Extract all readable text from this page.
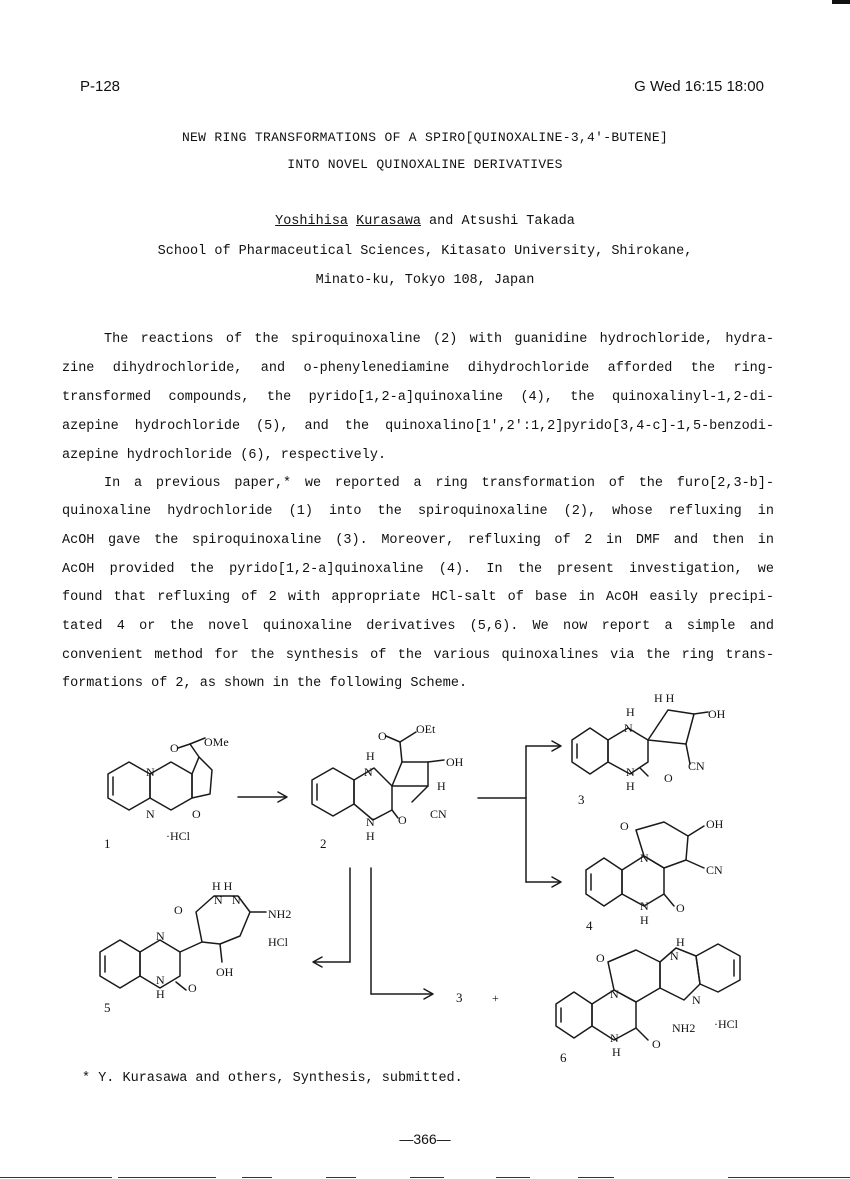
P-128	G Wed 16:15 18:00
NEW RING TRANSFORMATIONS OF A SPIRO[QUINOXALINE-3,4'-BUTENE]
INTO NOVEL QUINOXALINE DERIVATIVES
Yoshihisa Kurasawa and Atsushi Takada
School of Pharmaceutical Sciences, Kitasato University, Shirokane,
Minato-ku, Tokyo 108, Japan
The reactions of the spiroquinoxaline (2) with guanidine hydrochloride, hydra-
zine dihydrochloride, and o-phenylenediamine dihydrochloride afforded the ring-
transformed compounds, the pyrido[1,2-a]quinoxaline (4), the quinoxalinyl-1,2-di-
azepine hydrochloride (5), and the quinoxalino[1',2':1,2]pyrido[3,4-c]-1,5-benzodi-
azepine hydrochloride (6), respectively.
In a previous paper,* we reported a ring transformation of the furo[2,3-b]-
quinoxaline hydrochloride (1) into the spiroquinoxaline (2), whose refluxing in
AcOH gave the spiroquinoxaline (3). Moreover, refluxing of 2 in DMF and then in
AcOH provided the pyrido[1,2-a]quinoxaline (4). In the present investigation, we
found that refluxing of 2 with appropriate HCl-salt of base in AcOH easily precipi-
tated 4 or the novel quinoxaline derivatives (5,6). We now report a simple and
convenient method for the synthesis of the various quinoxalines via the ring trans-
formations of 2, as shown in the following Scheme.
N
N	O
O OMe
·HCl
1
N
H
N
H
O
O OEt
OH
H
CN
2
H H
H
N
OH
CN
N
H
O
3
O	OH
CN
N
N
H
O
4
H H
N N
O	NH2
HCl
N
N
H O
OH
5
3 +
O
H
N
N
N
N
H
O
NH2 ·HCl
6
* Y. Kurasawa and others, Synthesis, submitted.
—366—
